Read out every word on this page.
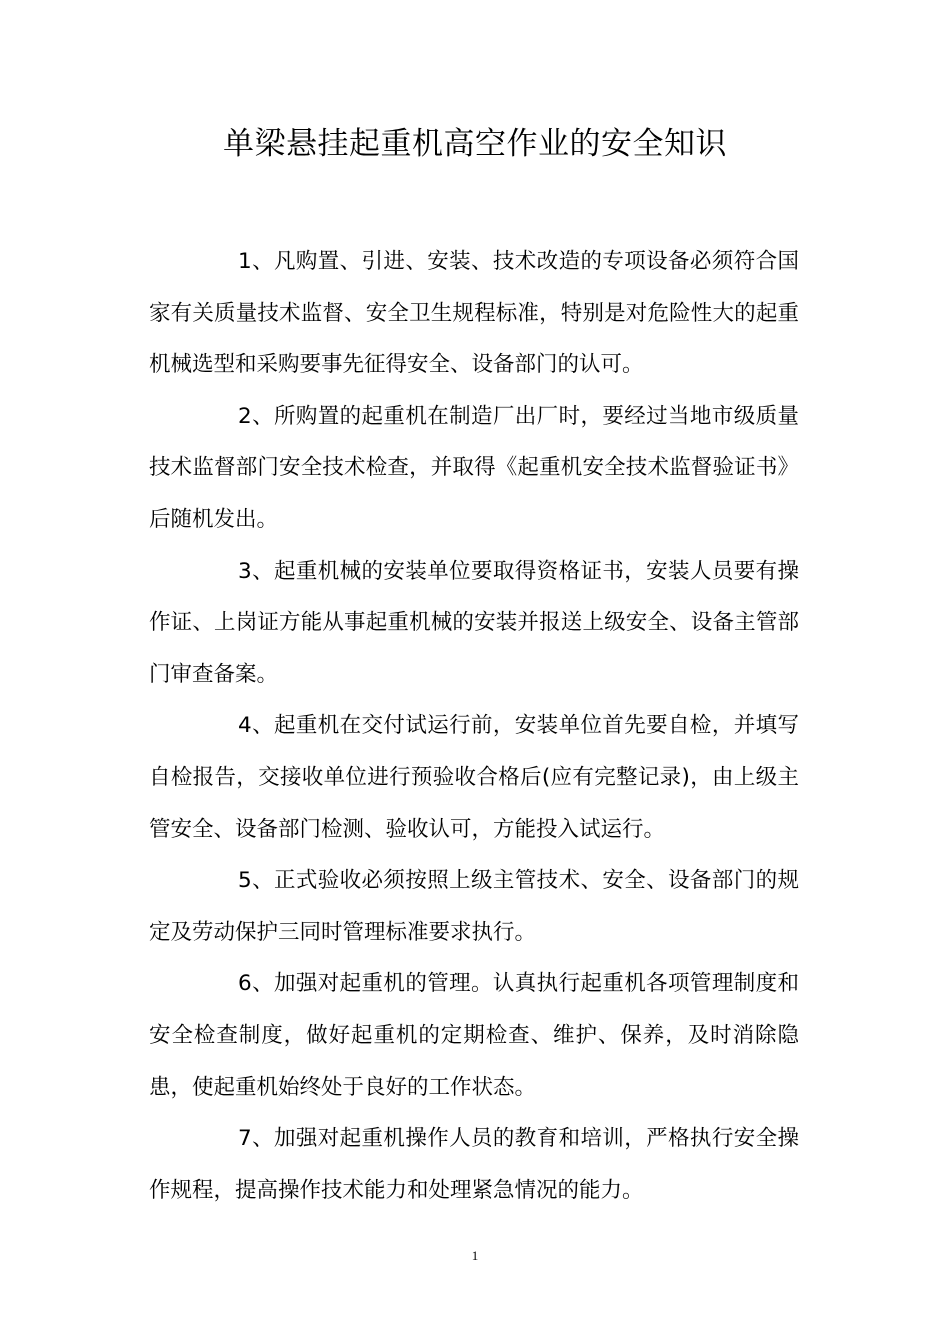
单梁悬挂起重机高空作业的安全知识

1、凡购置、引进、安装、技术改造的专项设备必须符合国家有关质量技术监督、安全卫生规程标准，特别是对危险性大的起重机械选型和采购要事先征得安全、设备部门的认可。

2、所购置的起重机在制造厂出厂时，要经过当地市级质量技术监督部门安全技术检查，并取得《起重机安全技术监督验证书》后随机发出。

3、起重机械的安装单位要取得资格证书，安装人员要有操作证、上岗证方能从事起重机械的安装并报送上级安全、设备主管部门审查备案。

4、起重机在交付试运行前，安装单位首先要自检，并填写自检报告，交接收单位进行预验收合格后(应有完整记录)，由上级主管安全、设备部门检测、验收认可，方能投入试运行。

5、正式验收必须按照上级主管技术、安全、设备部门的规定及劳动保护三同时管理标准要求执行。

6、加强对起重机的管理。认真执行起重机各项管理制度和安全检查制度，做好起重机的定期检查、维护、保养，及时消除隐患，使起重机始终处于良好的工作状态。

7、加强对起重机操作人员的教育和培训，严格执行安全操作规程，提高操作技术能力和处理紧急情况的能力。

1
